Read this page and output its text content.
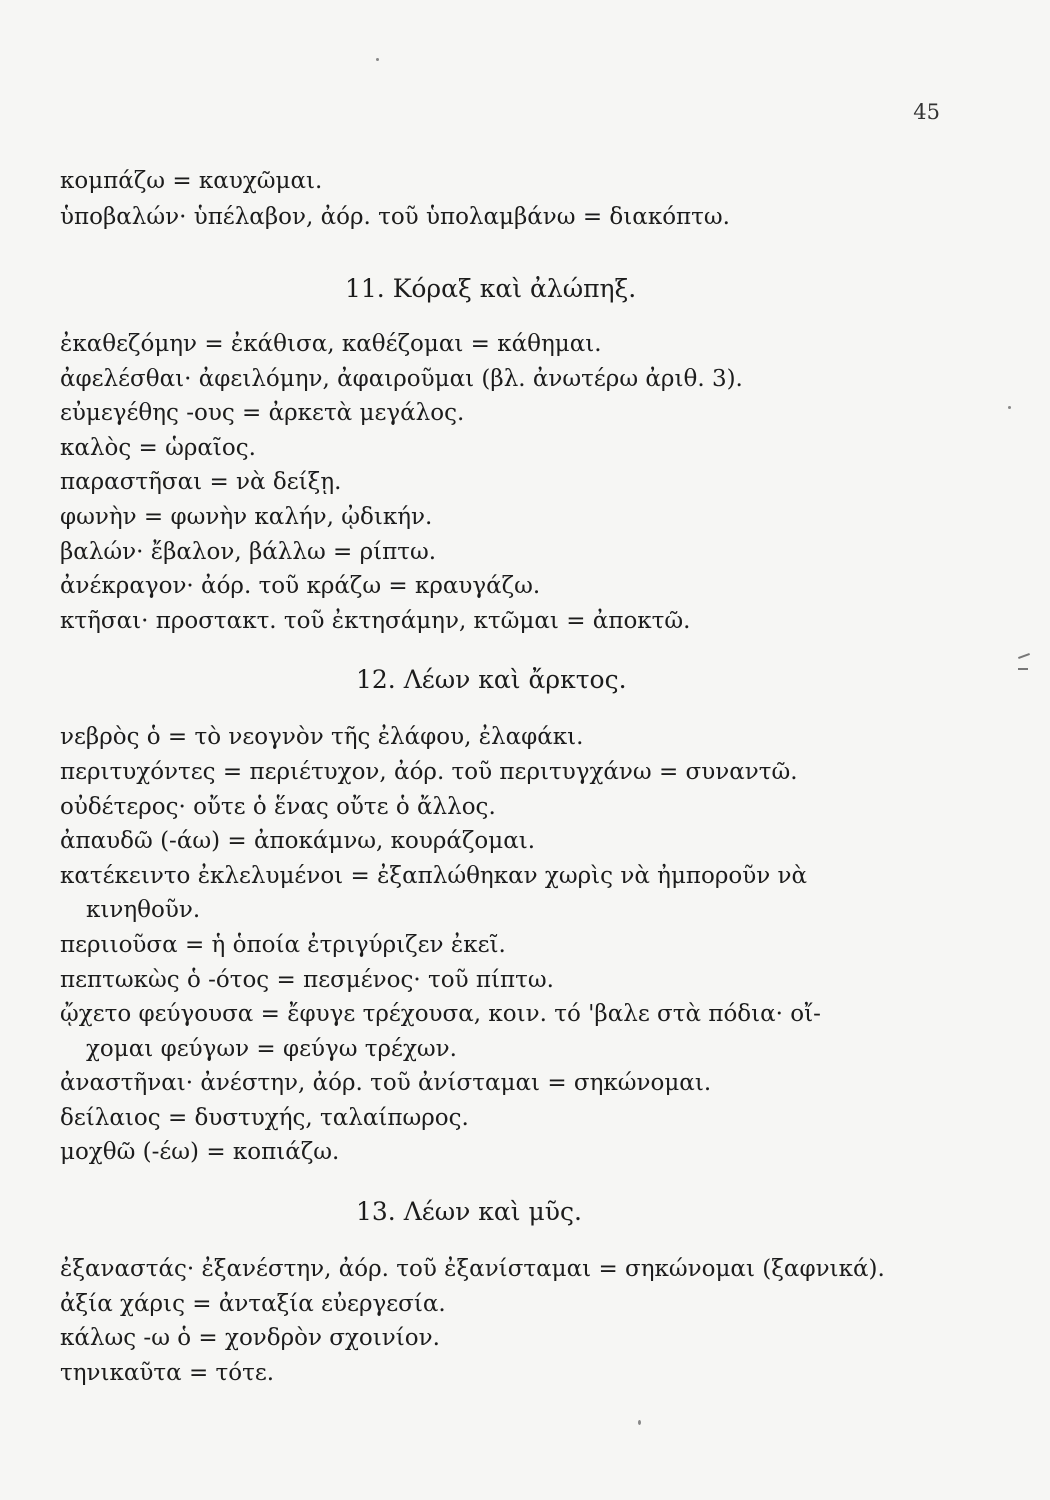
45
κομπάζω = καυχῶμαι.
ὑποβαλών· ὑπέλαβον, ἀόρ. τοῦ ὑπολαμβάνω = διακόπτω.
11. Κόραξ καὶ ἀλώπηξ.
ἐκαθεζόμην = ἐκάθισα, καθέζομαι = κάθημαι.
ἀφελέσθαι· ἀφειλόμην, ἀφαιροῦμαι (βλ. ἀνωτέρω ἀριθ. 3).
εὐμεγέθης -ους = ἀρκετὰ μεγάλος.
καλὸς = ὡραῖος.
παραστῆσαι = νὰ δείξῃ.
φωνὴν = φωνὴν καλήν, ᾠδικήν.
βαλών· ἔβαλον, βάλλω = ρίπτω.
ἀνέκραγον· ἀόρ. τοῦ κράζω = κραυγάζω.
κτῆσαι· προστακτ. τοῦ ἐκτησάμην, κτῶμαι = ἀποκτῶ.
12. Λέων καὶ ἄρκτος.
νεβρὸς ὁ = τὸ νεογνὸν τῆς ἐλάφου, ἐλαφάκι.
περιτυχόντες = περιέτυχον, ἀόρ. τοῦ περιτυγχάνω = συναντῶ.
οὐδέτερος· οὔτε ὁ ἕνας οὔτε ὁ ἄλλος.
ἀπαυδῶ (-άω) = ἀποκάμνω, κουράζομαι.
κατέκειντο ἐκλελυμένοι = ἐξαπλώθηκαν χωρὶς νὰ ἠμποροῦν νὰ
κινηθοῦν.
περιιοῦσα = ἡ ὁποία ἐτριγύριζεν ἐκεῖ.
πεπτωκὼς ὁ -ότος = πεσμένος· τοῦ πίπτω.
ᾤχετο φεύγουσα = ἔφυγε τρέχουσα, κοιν. τό 'βαλε στὰ πόδια· οἴ-
χομαι φεύγων = φεύγω τρέχων.
ἀναστῆναι· ἀνέστην, ἀόρ. τοῦ ἀνίσταμαι = σηκώνομαι.
δείλαιος = δυστυχής, ταλαίπωρος.
μοχθῶ (-έω) = κοπιάζω.
13. Λέων καὶ μῦς.
ἐξαναστάς· ἐξανέστην, ἀόρ. τοῦ ἐξανίσταμαι = σηκώνομαι (ξαφνικά).
ἀξία χάρις = ἀνταξία εὐεργεσία.
κάλως -ω ὁ = χονδρὸν σχοινίον.
τηνικαῦτα = τότε.
